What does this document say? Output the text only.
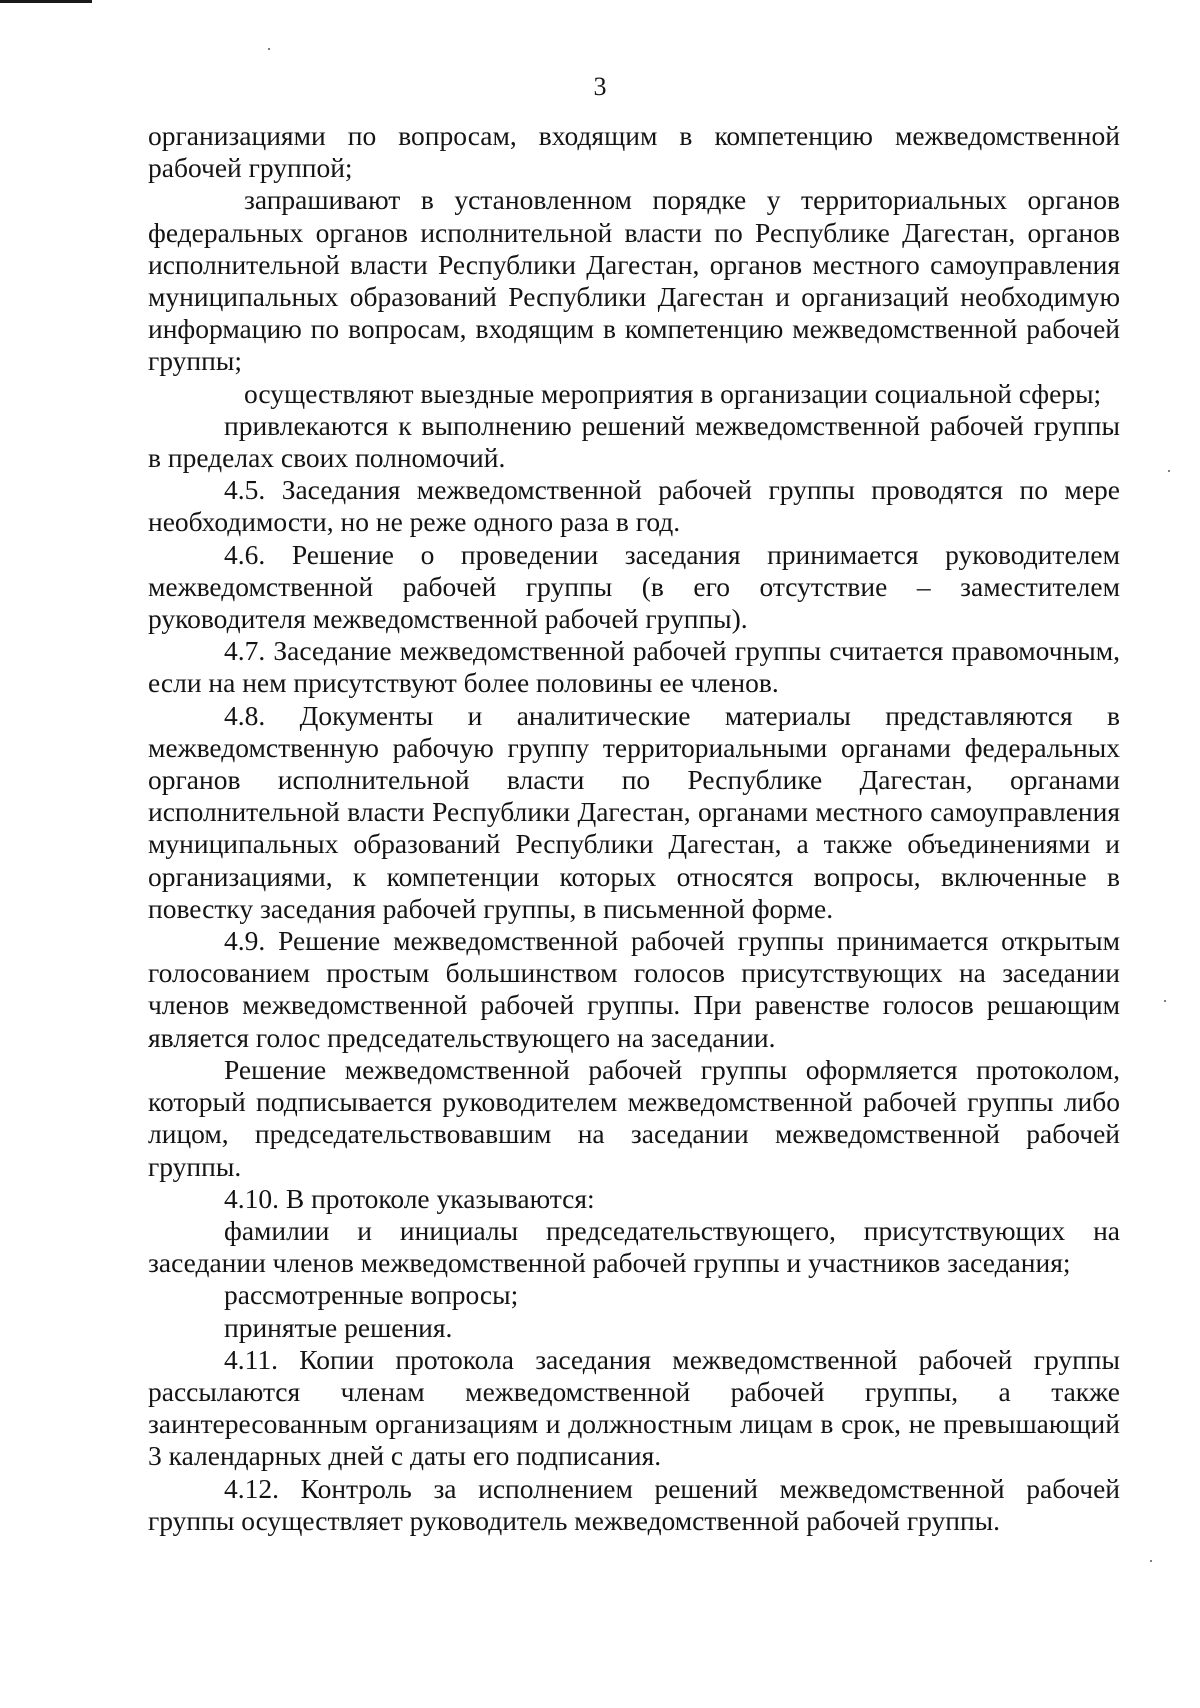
3

организациями по вопросам, входящим в компетенцию межведомственной рабочей группой;

запрашивают в установленном порядке у территориальных органов федеральных органов исполнительной власти по Республике Дагестан, органов исполнительной власти Республики Дагестан, органов местного самоуправления муниципальных образований Республики Дагестан и организаций необходимую информацию по вопросам, входящим в компетенцию межведомственной рабочей группы;

осуществляют выездные мероприятия в организации социальной сферы;

привлекаются к выполнению решений межведомственной рабочей группы в пределах своих полномочий.

4.5. Заседания межведомственной рабочей группы проводятся по мере необходимости, но не реже одного раза в год.

4.6. Решение о проведении заседания принимается руководителем межведомственной рабочей группы (в его отсутствие – заместителем руководителя межведомственной рабочей группы).

4.7. Заседание межведомственной рабочей группы считается правомочным, если на нем присутствуют более половины ее членов.

4.8. Документы и аналитические материалы представляются в межведомственную рабочую группу территориальными органами федеральных органов исполнительной власти по Республике Дагестан, органами исполнительной власти Республики Дагестан, органами местного самоуправления муниципальных образований Республики Дагестан, а также объединениями и организациями, к компетенции которых относятся вопросы, включенные в повестку заседания рабочей группы, в письменной форме.

4.9. Решение межведомственной рабочей группы принимается открытым голосованием простым большинством голосов присутствующих на заседании членов межведомственной рабочей группы. При равенстве голосов решающим является голос председательствующего на заседании.

Решение межведомственной рабочей группы оформляется протоколом, который подписывается руководителем межведомственной рабочей группы либо лицом, председательствовавшим на заседании межведомственной рабочей группы.

4.10. В протоколе указываются:

фамилии и инициалы председательствующего, присутствующих на заседании членов межведомственной рабочей группы и участников заседания;

рассмотренные вопросы;

принятые решения.

4.11. Копии протокола заседания межведомственной рабочей группы рассылаются членам межведомственной рабочей группы, а также заинтересованным организациям и должностным лицам в срок, не превышающий 3 календарных дней с даты его подписания.

4.12. Контроль за исполнением решений межведомственной рабочей группы осуществляет руководитель межведомственной рабочей группы.
